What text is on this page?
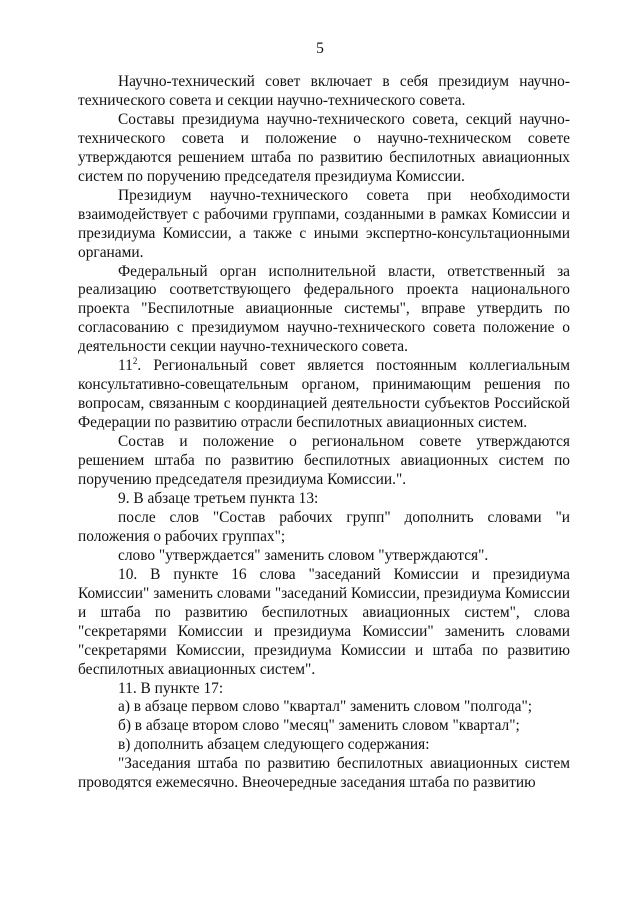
5

Научно-технический совет включает в себя президиум научно-технического совета и секции научно-технического совета.

Составы президиума научно-технического совета, секций научно-технического совета и положение о научно-техническом совете утверждаются решением штаба по развитию беспилотных авиационных систем по поручению председателя президиума Комиссии.

Президиум научно-технического совета при необходимости взаимодействует с рабочими группами, созданными в рамках Комиссии и президиума Комиссии, а также с иными экспертно-консультационными органами.

Федеральный орган исполнительной власти, ответственный за реализацию соответствующего федерального проекта национального проекта "Беспилотные авиационные системы", вправе утвердить по согласованию с президиумом научно-технического совета положение о деятельности секции научно-технического совета.

$11^2$. Региональный совет является постоянным коллегиальным консультативно-совещательным органом, принимающим решения по вопросам, связанным с координацией деятельности субъектов Российской Федерации по развитию отрасли беспилотных авиационных систем.

Состав и положение о региональном совете утверждаются решением штаба по развитию беспилотных авиационных систем по поручению председателя президиума Комиссии.".

9. В абзаце третьем пункта 13:

после слов "Состав рабочих групп" дополнить словами "и положения о рабочих группах";

слово "утверждается" заменить словом "утверждаются".

10. В пункте 16 слова "заседаний Комиссии и президиума Комиссии" заменить словами "заседаний Комиссии, президиума Комиссии и штаба по развитию беспилотных авиационных систем", слова "секретарями Комиссии и президиума Комиссии" заменить словами "секретарями Комиссии, президиума Комиссии и штаба по развитию беспилотных авиационных систем".

11. В пункте 17:

а) в абзаце первом слово "квартал" заменить словом "полгода";

б) в абзаце втором слово "месяц" заменить словом "квартал";

в) дополнить абзацем следующего содержания:

"Заседания штаба по развитию беспилотных авиационных систем проводятся ежемесячно. Внеочередные заседания штаба по развитию
